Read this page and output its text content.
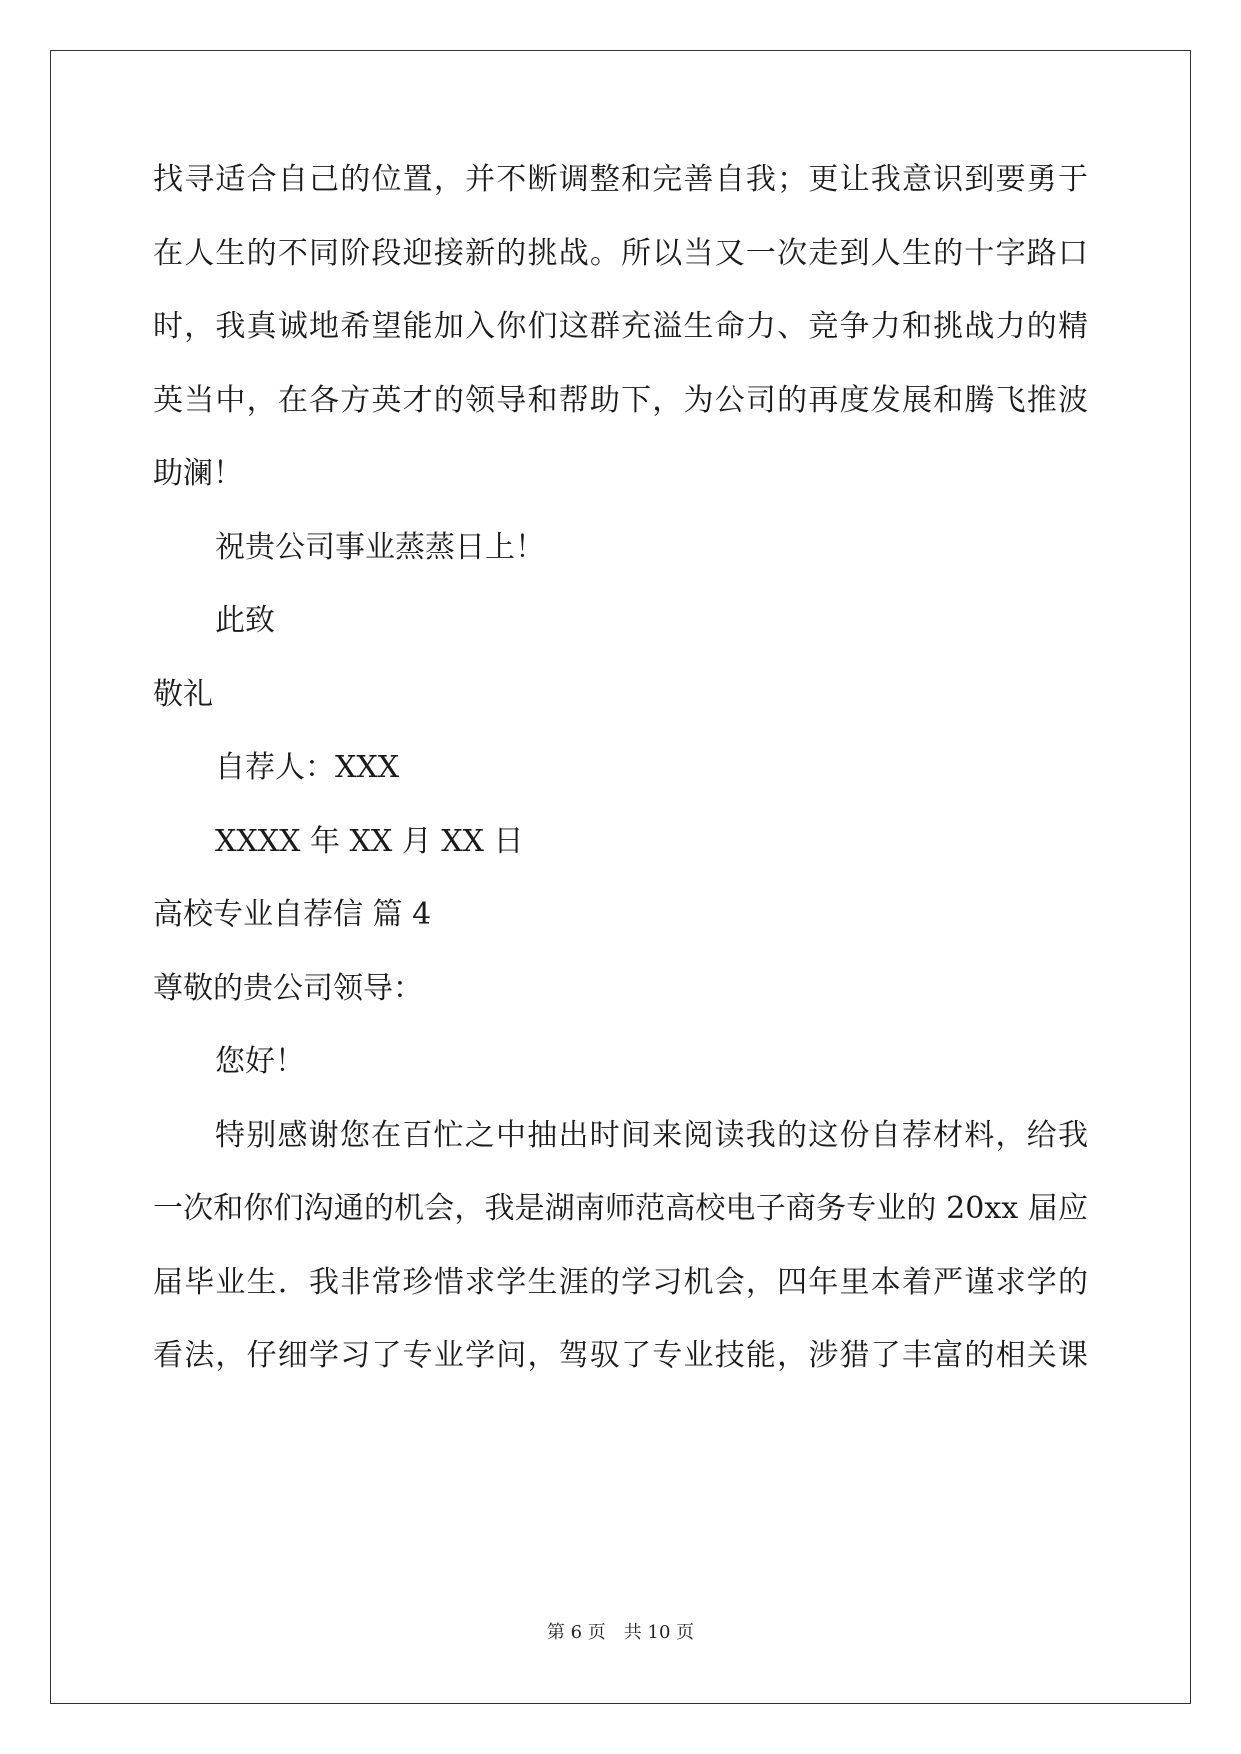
找寻适合自己的位置，并不断调整和完善自我；更让我意识到要勇于
在人生的不同阶段迎接新的挑战。所以当又一次走到人生的十字路口
时，我真诚地希望能加入你们这群充溢生命力、竞争力和挑战力的精
英当中，在各方英才的领导和帮助下，为公司的再度发展和腾飞推波
助澜！
祝贵公司事业蒸蒸日上！
此致
敬礼
自荐人：XXX
XXXX 年 XX 月 XX 日
高校专业自荐信 篇 4
尊敬的贵公司领导：
您好！
特别感谢您在百忙之中抽出时间来阅读我的这份自荐材料，给我
一次和你们沟通的机会，我是湖南师范高校电子商务专业的 20xx 届应
届毕业生．我非常珍惜求学生涯的学习机会，四年里本着严谨求学的
看法，仔细学习了专业学问，驾驭了专业技能，涉猎了丰富的相关课
第 6 页　共 10 页
